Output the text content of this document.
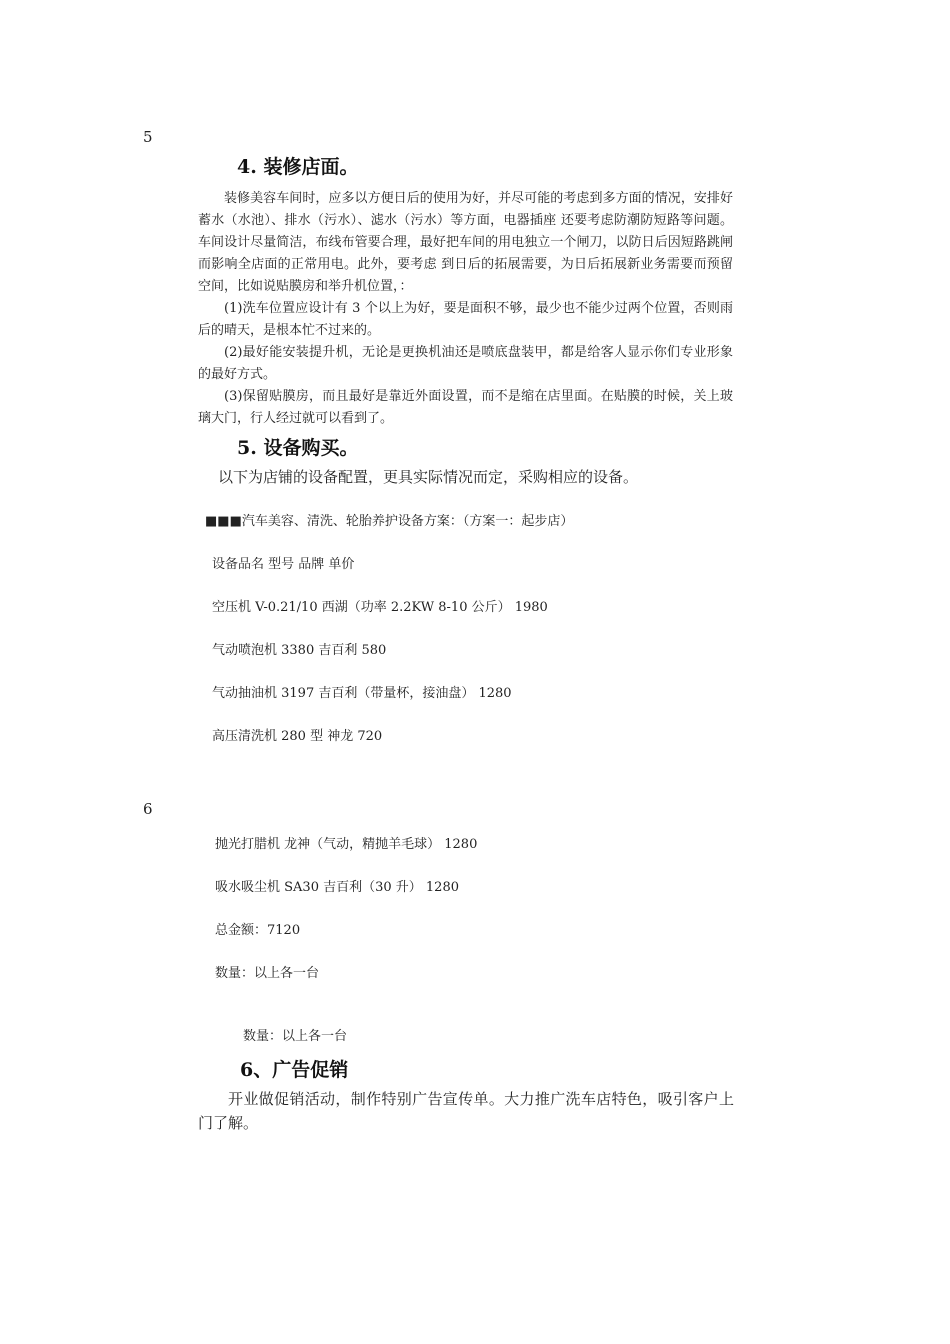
5
4. 装修店面。

装修美容车间时，应多以方便日后的使用为好，并尽可能的考虑到多方面的情况，安排好蓄水（水池）、排水（污水）、滤水（污水）等方面，电器插座 还要考虑防潮防短路等问题。车间设计尽量简洁，布线布管要合理，最好把车间的用电独立一个闸刀，以防日后因短路跳闸而影响全店面的正常用电。此外，要考虑 到日后的拓展需要，为日后拓展新业务需要而预留空间，比如说贴膜房和举升机位置，：

(1)洗车位置应设计有 3 个以上为好，要是面积不够，最少也不能少过两个位置，否则雨后的晴天，是根本忙不过来的。

(2)最好能安装提升机，无论是更换机油还是喷底盘装甲，都是给客人显示你们专业形象的最好方式。

(3)保留贴膜房，而且最好是靠近外面设置，而不是缩在店里面。在贴膜的时候，关上玻璃大门，行人经过就可以看到了。

5. 设备购买。
以下为店铺的设备配置，更具实际情况而定，采购相应的设备。
■■■汽车美容、清洗、轮胎养护设备方案：（方案一：起步店）
设备品名 型号 品牌 单价
空压机 V-0.21/10 西湖（功率 2.2KW 8-10 公斤） 1980
气动喷泡机 3380 吉百利 580
气动抽油机 3197 吉百利（带量杯，接油盘） 1280
高压清洗机 280 型 神龙 720
6
抛光打腊机 龙神（气动，精抛羊毛球） 1280
吸水吸尘机 SA30 吉百利（30 升） 1280
总金额：7120
数量：以上各一台
数量：以上各一台
6、广告促销

开业做促销活动，制作特别广告宣传单。大力推广洗车店特色，吸引客户上门了解。
